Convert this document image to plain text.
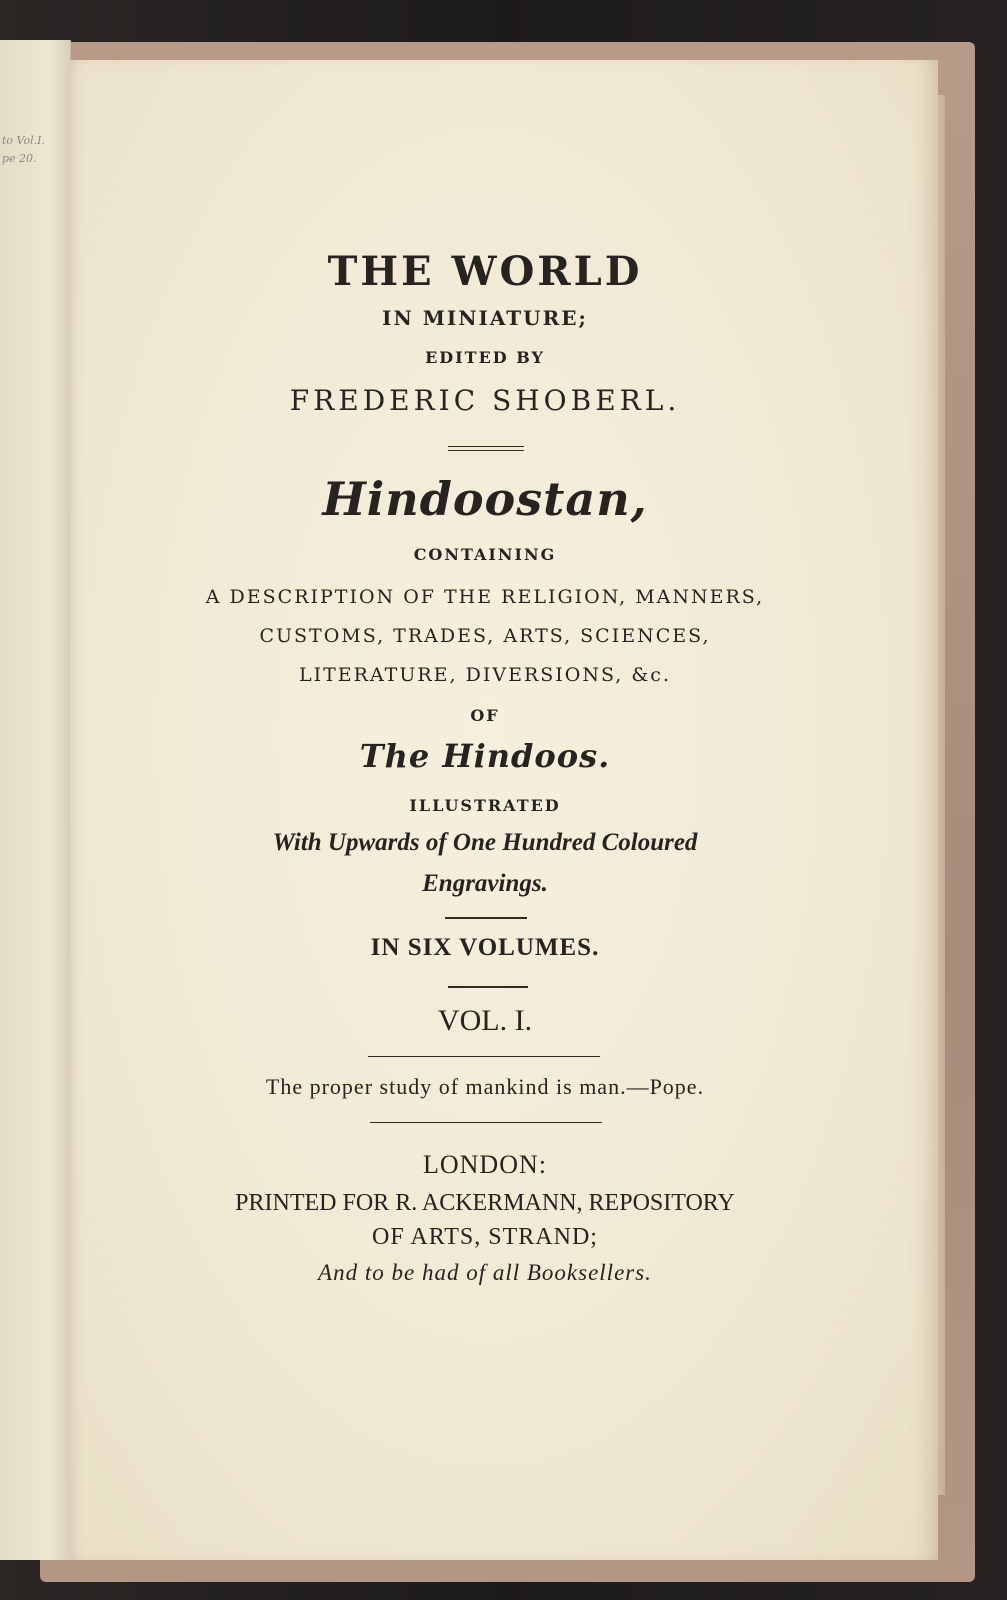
to Vol.I.
pe 20.
THE WORLD
IN MINIATURE;
EDITED BY
FREDERIC SHOBERL.
Hindoostan,
CONTAINING
A DESCRIPTION OF THE RELIGION, MANNERS,
CUSTOMS, TRADES, ARTS, SCIENCES,
LITERATURE, DIVERSIONS, &c.
OF
The Hindoos.
ILLUSTRATED
With Upwards of One Hundred Coloured
Engravings.
IN SIX VOLUMES.
VOL. I.
The proper study of mankind is man.—Pope.
LONDON:
PRINTED FOR R. ACKERMANN, REPOSITORY
OF ARTS, STRAND;
And to be had of all Booksellers.
